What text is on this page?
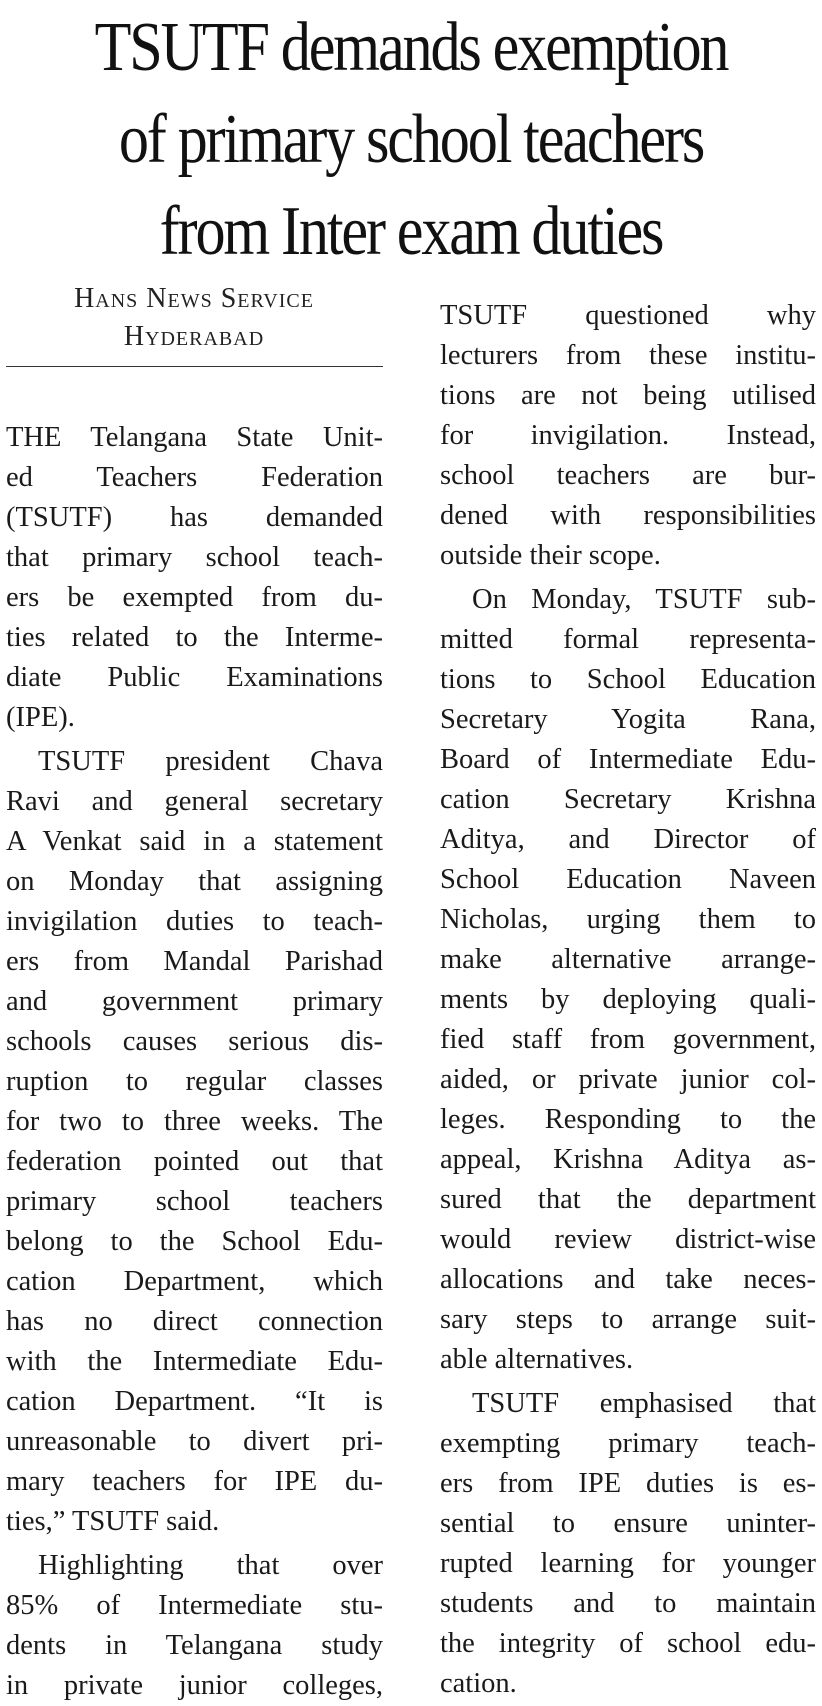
TSUTF demands exemption
of primary school teachers
from Inter exam duties
Hans News Service
Hyderabad
THE Telangana State Unit-
ed Teachers Federation
(TSUTF) has demanded
that primary school teach-
ers be exempted from du-
ties related to the Interme-
diate Public Examinations
(IPE).
TSUTF president Chava
Ravi and general secretary
A Venkat said in a statement
on Monday that assigning
invigilation duties to teach-
ers from Mandal Parishad
and government primary
schools causes serious dis-
ruption to regular classes
for two to three weeks. The
federation pointed out that
primary school teachers
belong to the School Edu-
cation Department, which
has no direct connection
with the Intermediate Edu-
cation Department. “It is
unreasonable to divert pri-
mary teachers for IPE du-
ties,” TSUTF said.
Highlighting that over
85% of Intermediate stu-
dents in Telangana study
in private junior colleges,
TSUTF questioned why
lecturers from these institu-
tions are not being utilised
for invigilation. Instead,
school teachers are bur-
dened with responsibilities
outside their scope.
On Monday, TSUTF sub-
mitted formal representa-
tions to School Education
Secretary Yogita Rana,
Board of Intermediate Edu-
cation Secretary Krishna
Aditya, and Director of
School Education Naveen
Nicholas, urging them to
make alternative arrange-
ments by deploying quali-
fied staff from government,
aided, or private junior col-
leges. Responding to the
appeal, Krishna Aditya as-
sured that the department
would review district-wise
allocations and take neces-
sary steps to arrange suit-
able alternatives.
TSUTF emphasised that
exempting primary teach-
ers from IPE duties is es-
sential to ensure uninter-
rupted learning for younger
students and to maintain
the integrity of school edu-
cation.
